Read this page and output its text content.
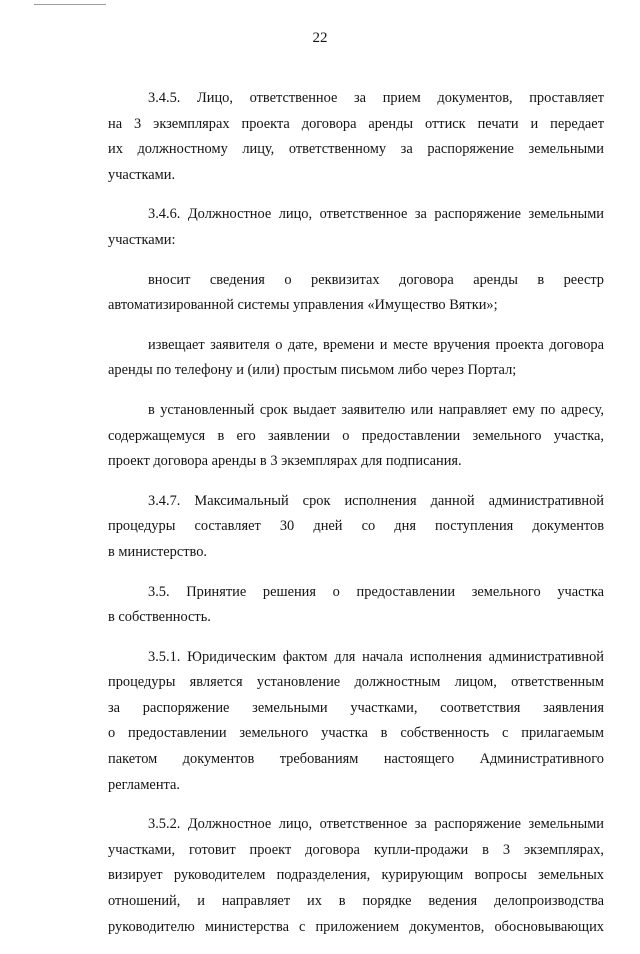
22
3.4.5. Лицо, ответственное за прием документов, проставляет
на 3 экземплярах проекта договора аренды оттиск печати и передает
их должностному лицу, ответственному за распоряжение земельными
участками.
3.4.6. Должностное лицо, ответственное за распоряжение земельными
участками:
вносит сведения о реквизитах договора аренды в реестр
автоматизированной системы управления «Имущество Вятки»;
извещает заявителя о дате, времени и месте вручения проекта договора
аренды по телефону и (или) простым письмом либо через Портал;
в установленный срок выдает заявителю или направляет ему по адресу,
содержащемуся в его заявлении о предоставлении земельного участка,
проект договора аренды в 3 экземплярах для подписания.
3.4.7. Максимальный срок исполнения данной административной
процедуры составляет 30 дней со дня поступления документов
в министерство.
3.5. Принятие решения о предоставлении земельного участка
в собственность.
3.5.1. Юридическим фактом для начала исполнения административной
процедуры является установление должностным лицом, ответственным
за распоряжение земельными участками, соответствия заявления
о предоставлении земельного участка в собственность с прилагаемым
пакетом документов требованиям настоящего Административного
регламента.
3.5.2. Должностное лицо, ответственное за распоряжение земельными
участками, готовит проект договора купли-продажи в 3 экземплярах,
визирует руководителем подразделения, курирующим вопросы земельных
отношений, и направляет их в порядке ведения делопроизводства
руководителю министерства с приложением документов, обосновывающих
